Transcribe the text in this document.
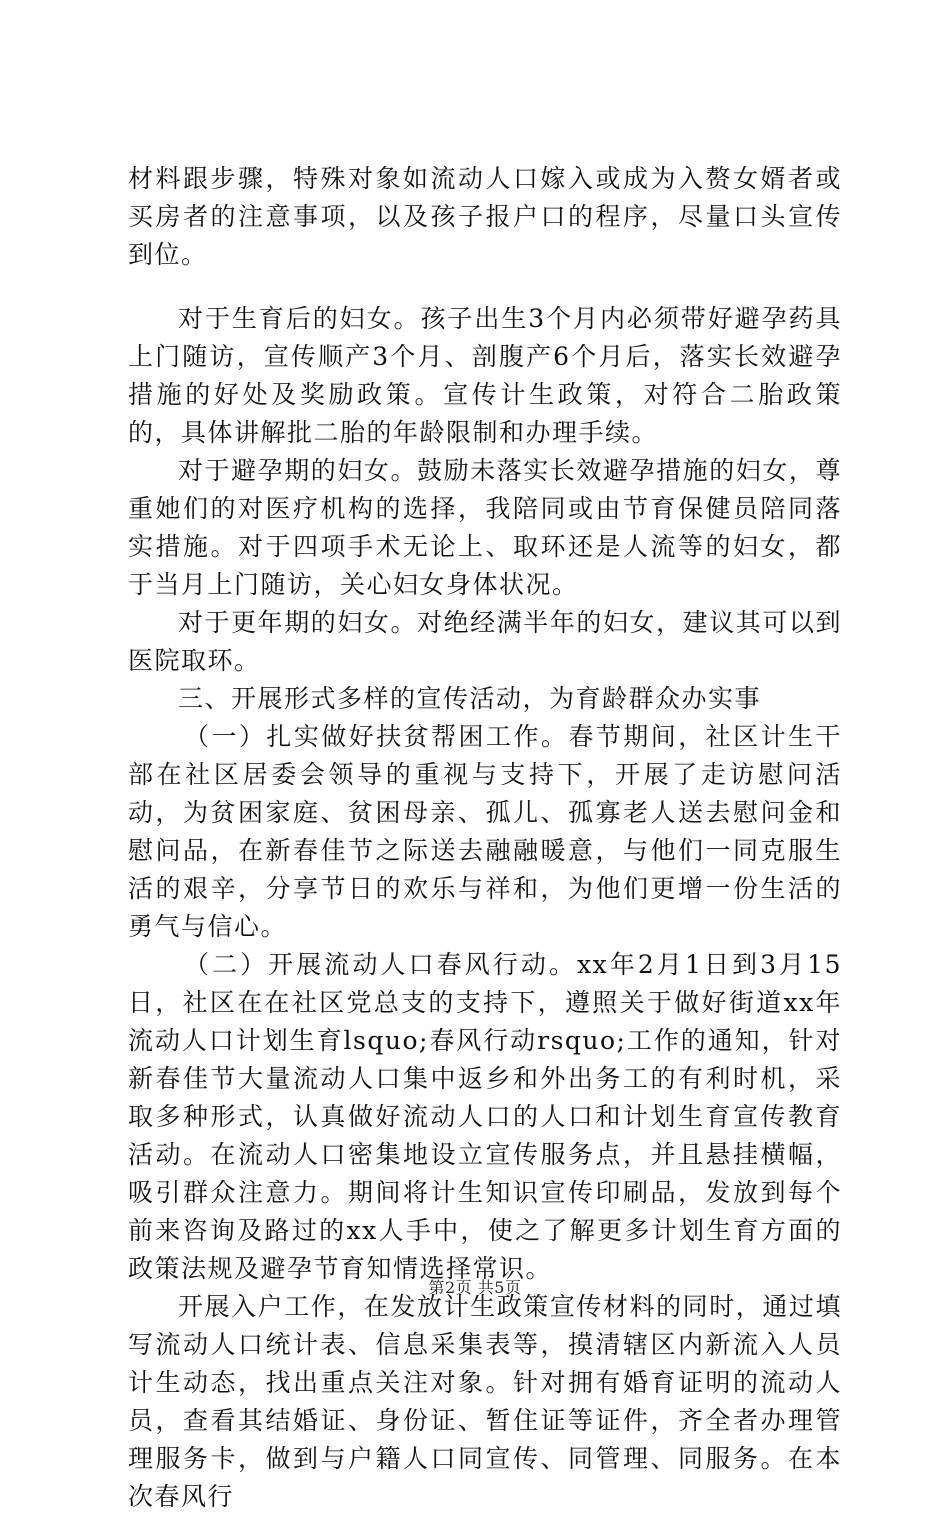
材料跟步骤，特殊对象如流动人口嫁入或成为入赘女婿者或买房者的注意事项，以及孩子报户口的程序，尽量口头宣传到位。

对于生育后的妇女。孩子出生3个月内必须带好避孕药具上门随访，宣传顺产3个月、剖腹产6个月后，落实长效避孕措施的好处及奖励政策。宣传计生政策，对符合二胎政策的，具体讲解批二胎的年龄限制和办理手续。

对于避孕期的妇女。鼓励未落实长效避孕措施的妇女，尊重她们的对医疗机构的选择，我陪同或由节育保健员陪同落实措施。对于四项手术无论上、取环还是人流等的妇女，都于当月上门随访，关心妇女身体状况。

对于更年期的妇女。对绝经满半年的妇女，建议其可以到医院取环。

三、开展形式多样的宣传活动，为育龄群众办实事

（一）扎实做好扶贫帮困工作。春节期间，社区计生干部在社区居委会领导的重视与支持下，开展了走访慰问活动，为贫困家庭、贫困母亲、孤儿、孤寡老人送去慰问金和慰问品，在新春佳节之际送去融融暖意，与他们一同克服生活的艰辛，分享节日的欢乐与祥和，为他们更增一份生活的勇气与信心。

（二）开展流动人口春风行动。xx年2月1日到3月15日，社区在在社区党总支的支持下，遵照关于做好街道xx年流动人口计划生育lsquo;春风行动rsquo;工作的通知，针对新春佳节大量流动人口集中返乡和外出务工的有利时机，采取多种形式，认真做好流动人口的人口和计划生育宣传教育活动。在流动人口密集地设立宣传服务点，并且悬挂横幅，吸引群众注意力。期间将计生知识宣传印刷品，发放到每个前来咨询及路过的xx人手中，使之了解更多计划生育方面的政策法规及避孕节育知情选择常识。

开展入户工作，在发放计生政策宣传材料的同时，通过填写流动人口统计表、信息采集表等，摸清辖区内新流入人员计生动态，找出重点关注对象。针对拥有婚育证明的流动人员，查看其结婚证、身份证、暂住证等证件，齐全者办理管理服务卡，做到与户籍人口同宣传、同管理、同服务。在本次春风行

第2页 共5页
